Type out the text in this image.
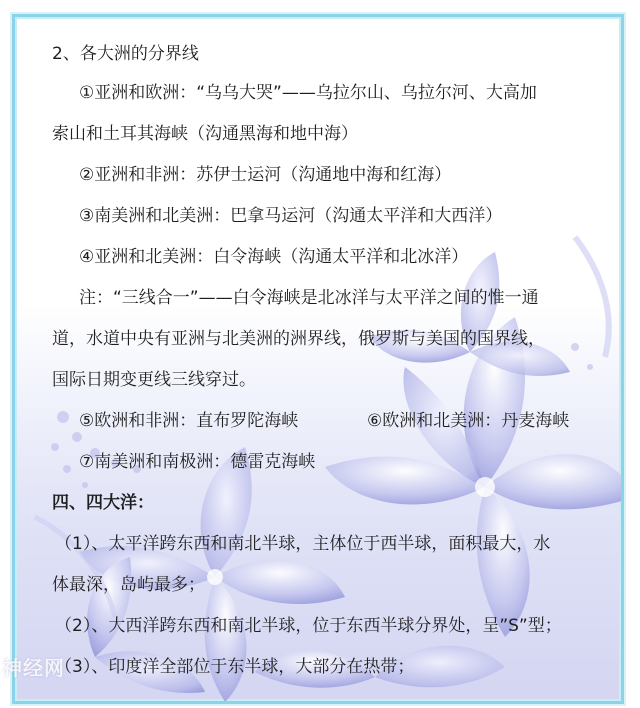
2、各大洲的分界线
①亚洲和欧洲：“乌乌大哭”——乌拉尔山、乌拉尔河、大高加
索山和土耳其海峡（沟通黑海和地中海）
②亚洲和非洲：苏伊士运河（沟通地中海和红海）
③南美洲和北美洲：巴拿马运河（沟通太平洋和大西洋）
④亚洲和北美洲：白令海峡（沟通太平洋和北冰洋）
注：“三线合一”——白令海峡是北冰洋与太平洋之间的惟一通
道，水道中央有亚洲与北美洲的洲界线，俄罗斯与美国的国界线，
国际日期变更线三线穿过。
⑤欧洲和非洲：直布罗陀海峡	⑥欧洲和北美洲：丹麦海峡
⑦南美洲和南极洲：德雷克海峡
四、四大洋：
（1）、太平洋跨东西和南北半球，主体位于西半球，面积最大，水
体最深，岛屿最多；
（2）、大西洋跨东西和南北半球，位于东西半球分界处，呈”S”型；
（3）、印度洋全部位于东半球，大部分在热带；
神经网
